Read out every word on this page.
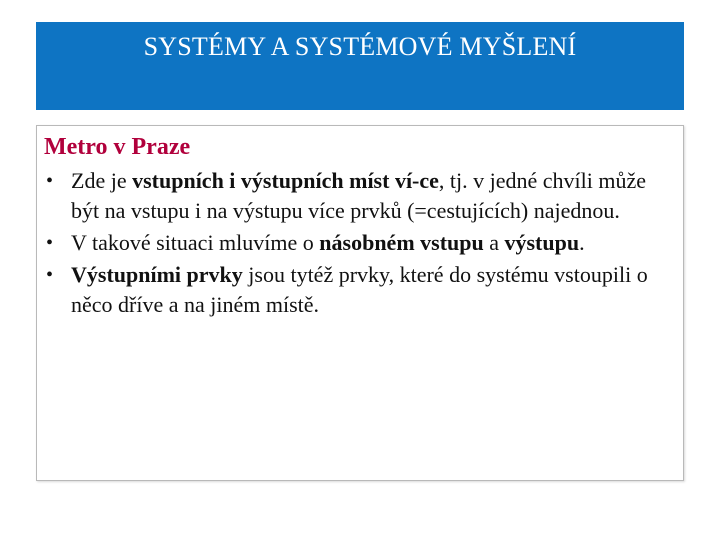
SYSTÉMY A SYSTÉMOVÉ MYŠLENÍ
Metro v Praze
• Zde je vstupních i výstupních míst ví-ce, tj. v jedné chvíli může být na vstupu i na výstupu více prvků (=cestujících) najednou.
• V takové situaci mluvíme o násobném vstupu a výstupu.
• Výstupními prvky jsou tytéž prvky, které do systému vstoupili o něco dříve a na jiném místě.
